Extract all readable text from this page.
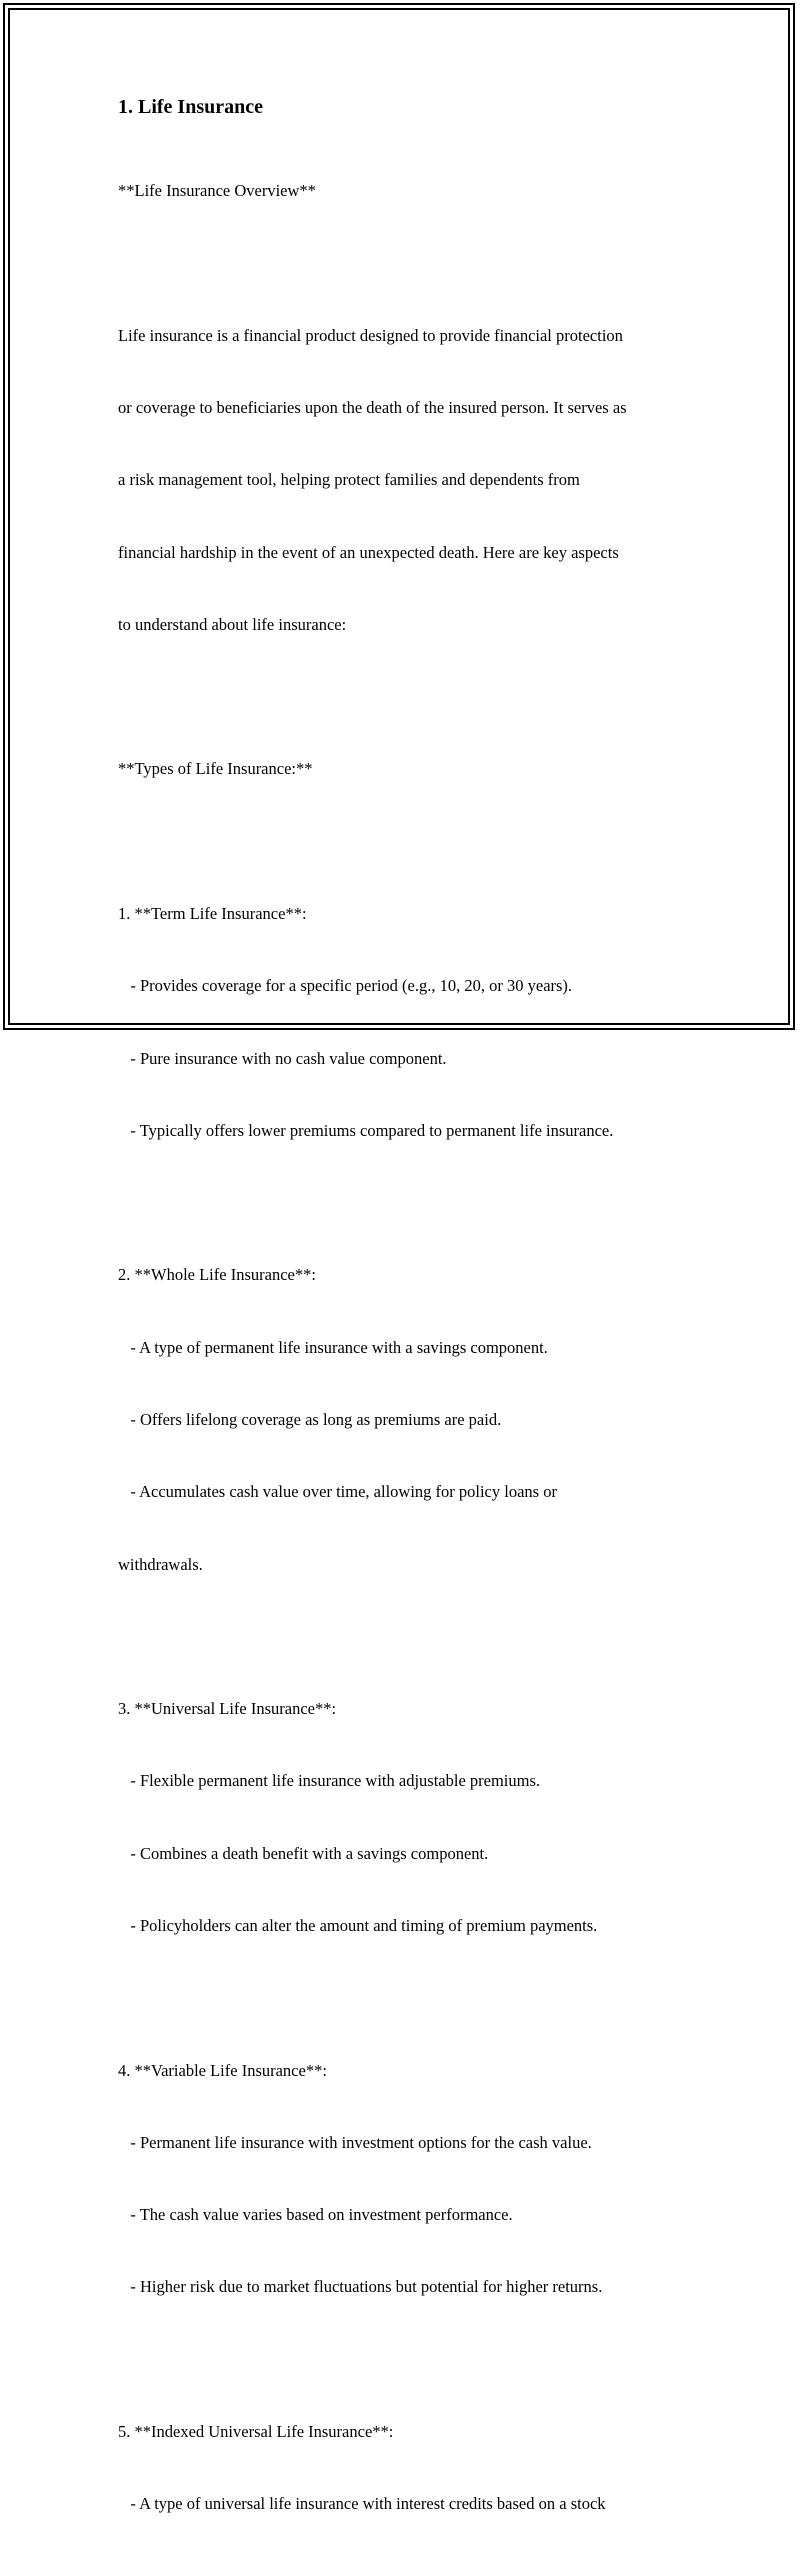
1. Life Insurance

**Life Insurance Overview**

Life insurance is a financial product designed to provide financial protection

or coverage to beneficiaries upon the death of the insured person. It serves as

a risk management tool, helping protect families and dependents from

financial hardship in the event of an unexpected death. Here are key aspects

to understand about life insurance:

**Types of Life Insurance:**

1. **Term Life Insurance**:

- Provides coverage for a specific period (e.g., 10, 20, or 30 years).

- Pure insurance with no cash value component.

- Typically offers lower premiums compared to permanent life insurance.

2. **Whole Life Insurance**:

- A type of permanent life insurance with a savings component.

- Offers lifelong coverage as long as premiums are paid.

- Accumulates cash value over time, allowing for policy loans or

withdrawals.

3. **Universal Life Insurance**:

- Flexible permanent life insurance with adjustable premiums.

- Combines a death benefit with a savings component.

- Policyholders can alter the amount and timing of premium payments.

4. **Variable Life Insurance**:

- Permanent life insurance with investment options for the cash value.

- The cash value varies based on investment performance.

- Higher risk due to market fluctuations but potential for higher returns.

5. **Indexed Universal Life Insurance**:

- A type of universal life insurance with interest credits based on a stock
